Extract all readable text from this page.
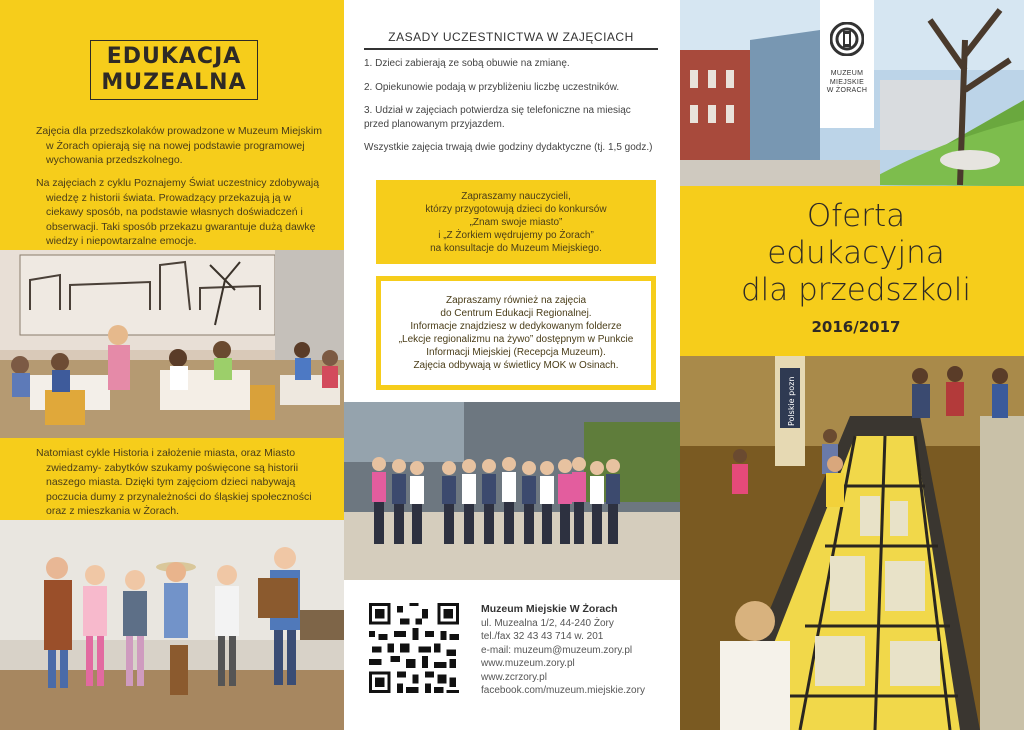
EDUKACJA
MUZEALNA

Zajęcia dla przedszkolaków prowadzone w Muzeum Miejskim w Żorach opierają się na nowej podstawie programowej wychowania przedszkolnego.

Na zajęciach z cyklu Poznajemy Świat uczestnicy zdobywają wiedzę z historii świata. Prowadzący przekazują ją w ciekawy sposób, na podstawie własnych doświadczeń i obserwacji. Taki sposób przekazu gwarantuje dużą dawkę wiedzy i niepowtarzalne emocje.

Natomiast cykle Historia i założenie miasta, oraz Miasto zwiedzamy- zabytków szukamy poświęcone są historii naszego miasta. Dzięki tym zajęciom dzieci nabywają poczucia dumy z przynależności do śląskiej społeczności oraz z mieszkania w Żorach.

ZASADY UCZESTNICTWA W ZAJĘCIACH

1. Dzieci zabierają ze sobą obuwie na zmianę.

2. Opiekunowie podają w przybliżeniu liczbę uczestników.

3. Udział w zajęciach potwierdza się telefoniczne na miesiąc przed planowanym przyjazdem.

Wszystkie zajęcia trwają dwie godziny dydaktyczne (tj. 1,5 godz.)

Zapraszamy nauczycieli,
którzy przygotowują dzieci do konkursów
„Znam swoje miasto”
i „Z Żorkiem wędrujemy po Żorach”
na konsultacje do Muzeum Miejskiego.
Zapraszamy również na zajęcia
do Centrum Edukacji Regionalnej.
Informacje znajdziesz w dedykowanym folderze
„Lekcje regionalizmu na żywo” dostępnym w Punkcie
Informacji Miejskiej (Recepcja Muzeum).
Zajęcia odbywają w świetlicy MOK w Osinach.
Muzeum Miejskie W Żorach
ul. Muzealna 1/2, 44-240 Żory
tel./fax 32 43 43 714 w. 201
e-mail: muzeum@muzeum.zory.pl
www.muzeum.zory.pl
www.zcrzory.pl
facebook.com/muzeum.miejskie.zory
MUZEUM
MIEJSKIE
W ŻORACH
Oferta
edukacyjna
dla przedszkoli
2016/2017
Polskie pozn
